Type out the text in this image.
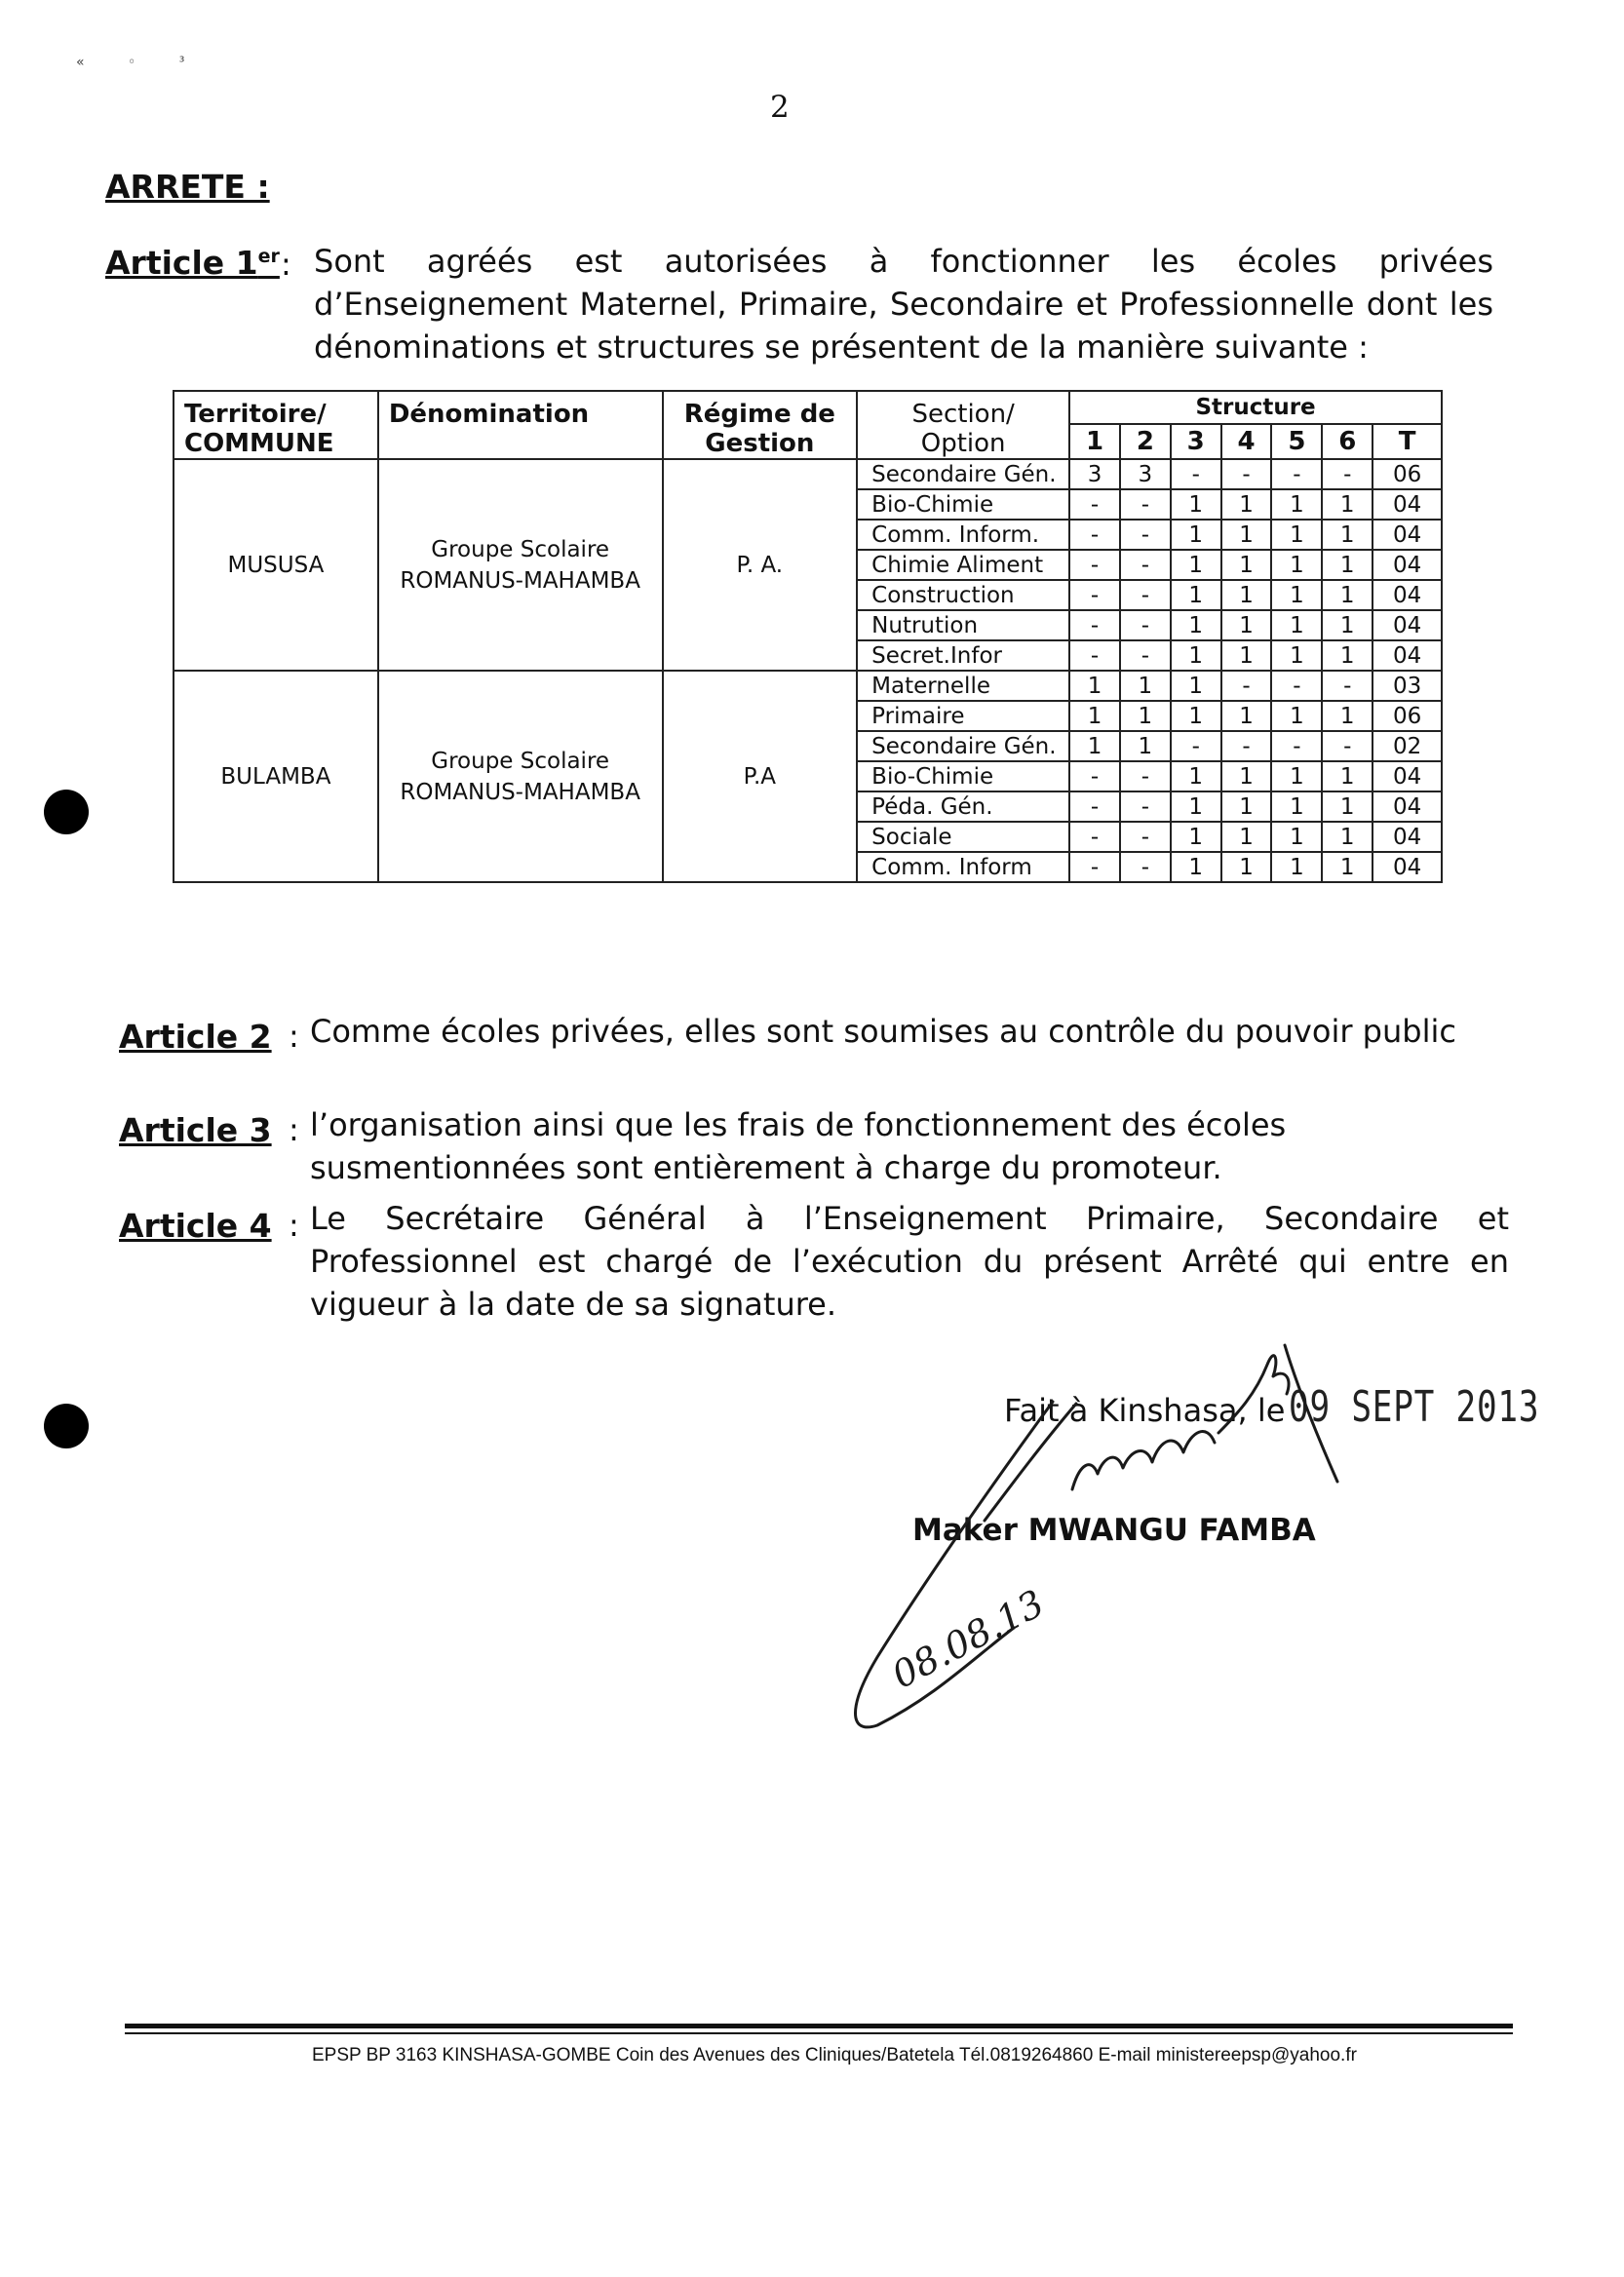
« ◦ ³
2
ARRETE :
Article 1er : Sont agréés est autorisées à fonctionner les écoles privées d’Enseignement Maternel, Primaire, Secondaire et Professionnelle dont les dénominations et structures se présentent de la manière suivante :
Territoire/ COMMUNE	Dénomination	Régime de Gestion	Section/ Option	Structure						
				1	2	3	4	5	6	T
MUSUSA	Groupe Scolaire ROMANUS-MAHAMBA	P. A.	Secondaire Gén.	3	3	-	-	-	-	06
			Bio-Chimie	-	-	1	1	1	1	04
			Comm. Inform.	-	-	1	1	1	1	04
			Chimie Aliment	-	-	1	1	1	1	04
			Construction	-	-	1	1	1	1	04
			Nutrution	-	-	1	1	1	1	04
			Secret.Infor	-	-	1	1	1	1	04
BULAMBA	Groupe Scolaire ROMANUS-MAHAMBA	P.A	Maternelle	1	1	1	-	-	-	03
			Primaire	1	1	1	1	1	1	06
			Secondaire Gén.	1	1	-	-	-	-	02
			Bio-Chimie	-	-	1	1	1	1	04
			Péda. Gén.	-	-	1	1	1	1	04
			Sociale	-	-	1	1	1	1	04
			Comm. Inform	-	-	1	1	1	1	04
Article 2 : Comme écoles privées, elles sont soumises au contrôle du pouvoir public
Article 3 : l’organisation ainsi que les frais de fonctionnement des écoles susmentionnées sont entièrement à charge du promoteur.
Article 4 : Le Secrétaire Général à l’Enseignement Primaire, Secondaire et Professionnel est chargé de l’exécution du présent Arrêté qui entre en vigueur à la date de sa signature.
Fait à Kinshasa, le 09 SEPT 2013
Maker MWANGU FAMBA
08.08.13
EPSP BP 3163 KINSHASA-GOMBE Coin des Avenues des Cliniques/Batetela Tél.0819264860 E-mail ministereepsp@yahoo.fr
